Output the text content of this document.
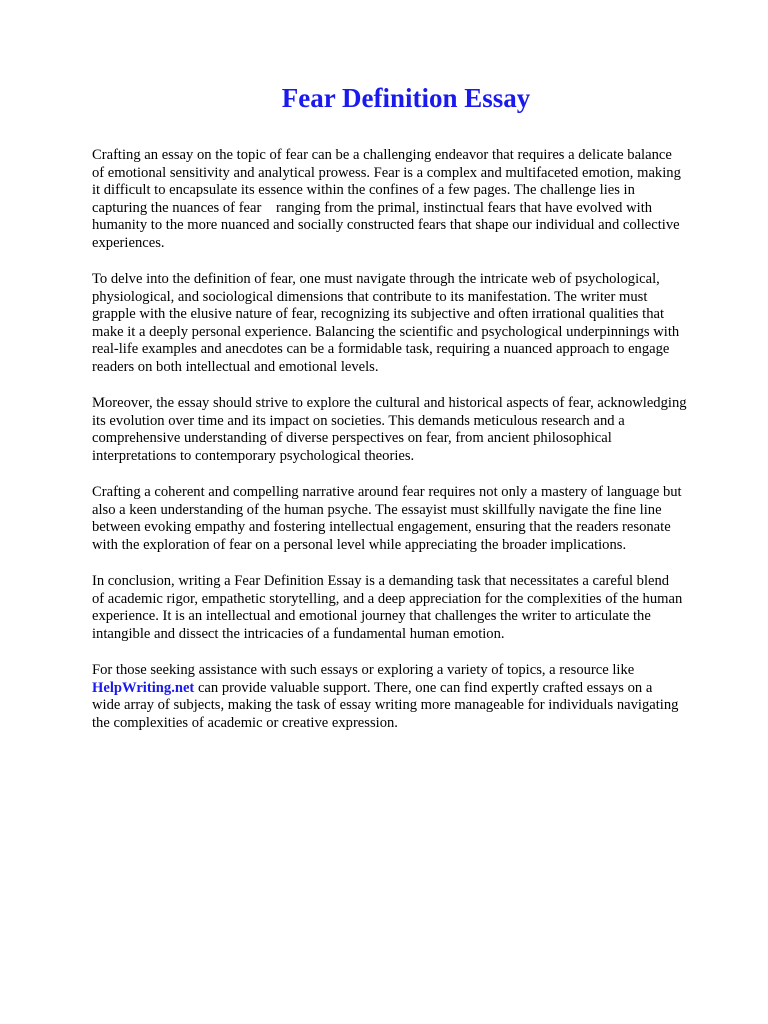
Fear Definition Essay

Crafting an essay on the topic of fear can be a challenging endeavor that requires a delicate balance
of emotional sensitivity and analytical prowess. Fear is a complex and multifaceted emotion, making
it difficult to encapsulate its essence within the confines of a few pages. The challenge lies in
capturing the nuances of fear    ranging from the primal, instinctual fears that have evolved with
humanity to the more nuanced and socially constructed fears that shape our individual and collective
experiences.

To delve into the definition of fear, one must navigate through the intricate web of psychological,
physiological, and sociological dimensions that contribute to its manifestation. The writer must
grapple with the elusive nature of fear, recognizing its subjective and often irrational qualities that
make it a deeply personal experience. Balancing the scientific and psychological underpinnings with
real-life examples and anecdotes can be a formidable task, requiring a nuanced approach to engage
readers on both intellectual and emotional levels.

Moreover, the essay should strive to explore the cultural and historical aspects of fear, acknowledging
its evolution over time and its impact on societies. This demands meticulous research and a
comprehensive understanding of diverse perspectives on fear, from ancient philosophical
interpretations to contemporary psychological theories.

Crafting a coherent and compelling narrative around fear requires not only a mastery of language but
also a keen understanding of the human psyche. The essayist must skillfully navigate the fine line
between evoking empathy and fostering intellectual engagement, ensuring that the readers resonate
with the exploration of fear on a personal level while appreciating the broader implications.

In conclusion, writing a Fear Definition Essay is a demanding task that necessitates a careful blend
of academic rigor, empathetic storytelling, and a deep appreciation for the complexities of the human
experience. It is an intellectual and emotional journey that challenges the writer to articulate the
intangible and dissect the intricacies of a fundamental human emotion.

For those seeking assistance with such essays or exploring a variety of topics, a resource like
HelpWriting.net can provide valuable support. There, one can find expertly crafted essays on a
wide array of subjects, making the task of essay writing more manageable for individuals navigating
the complexities of academic or creative expression.
